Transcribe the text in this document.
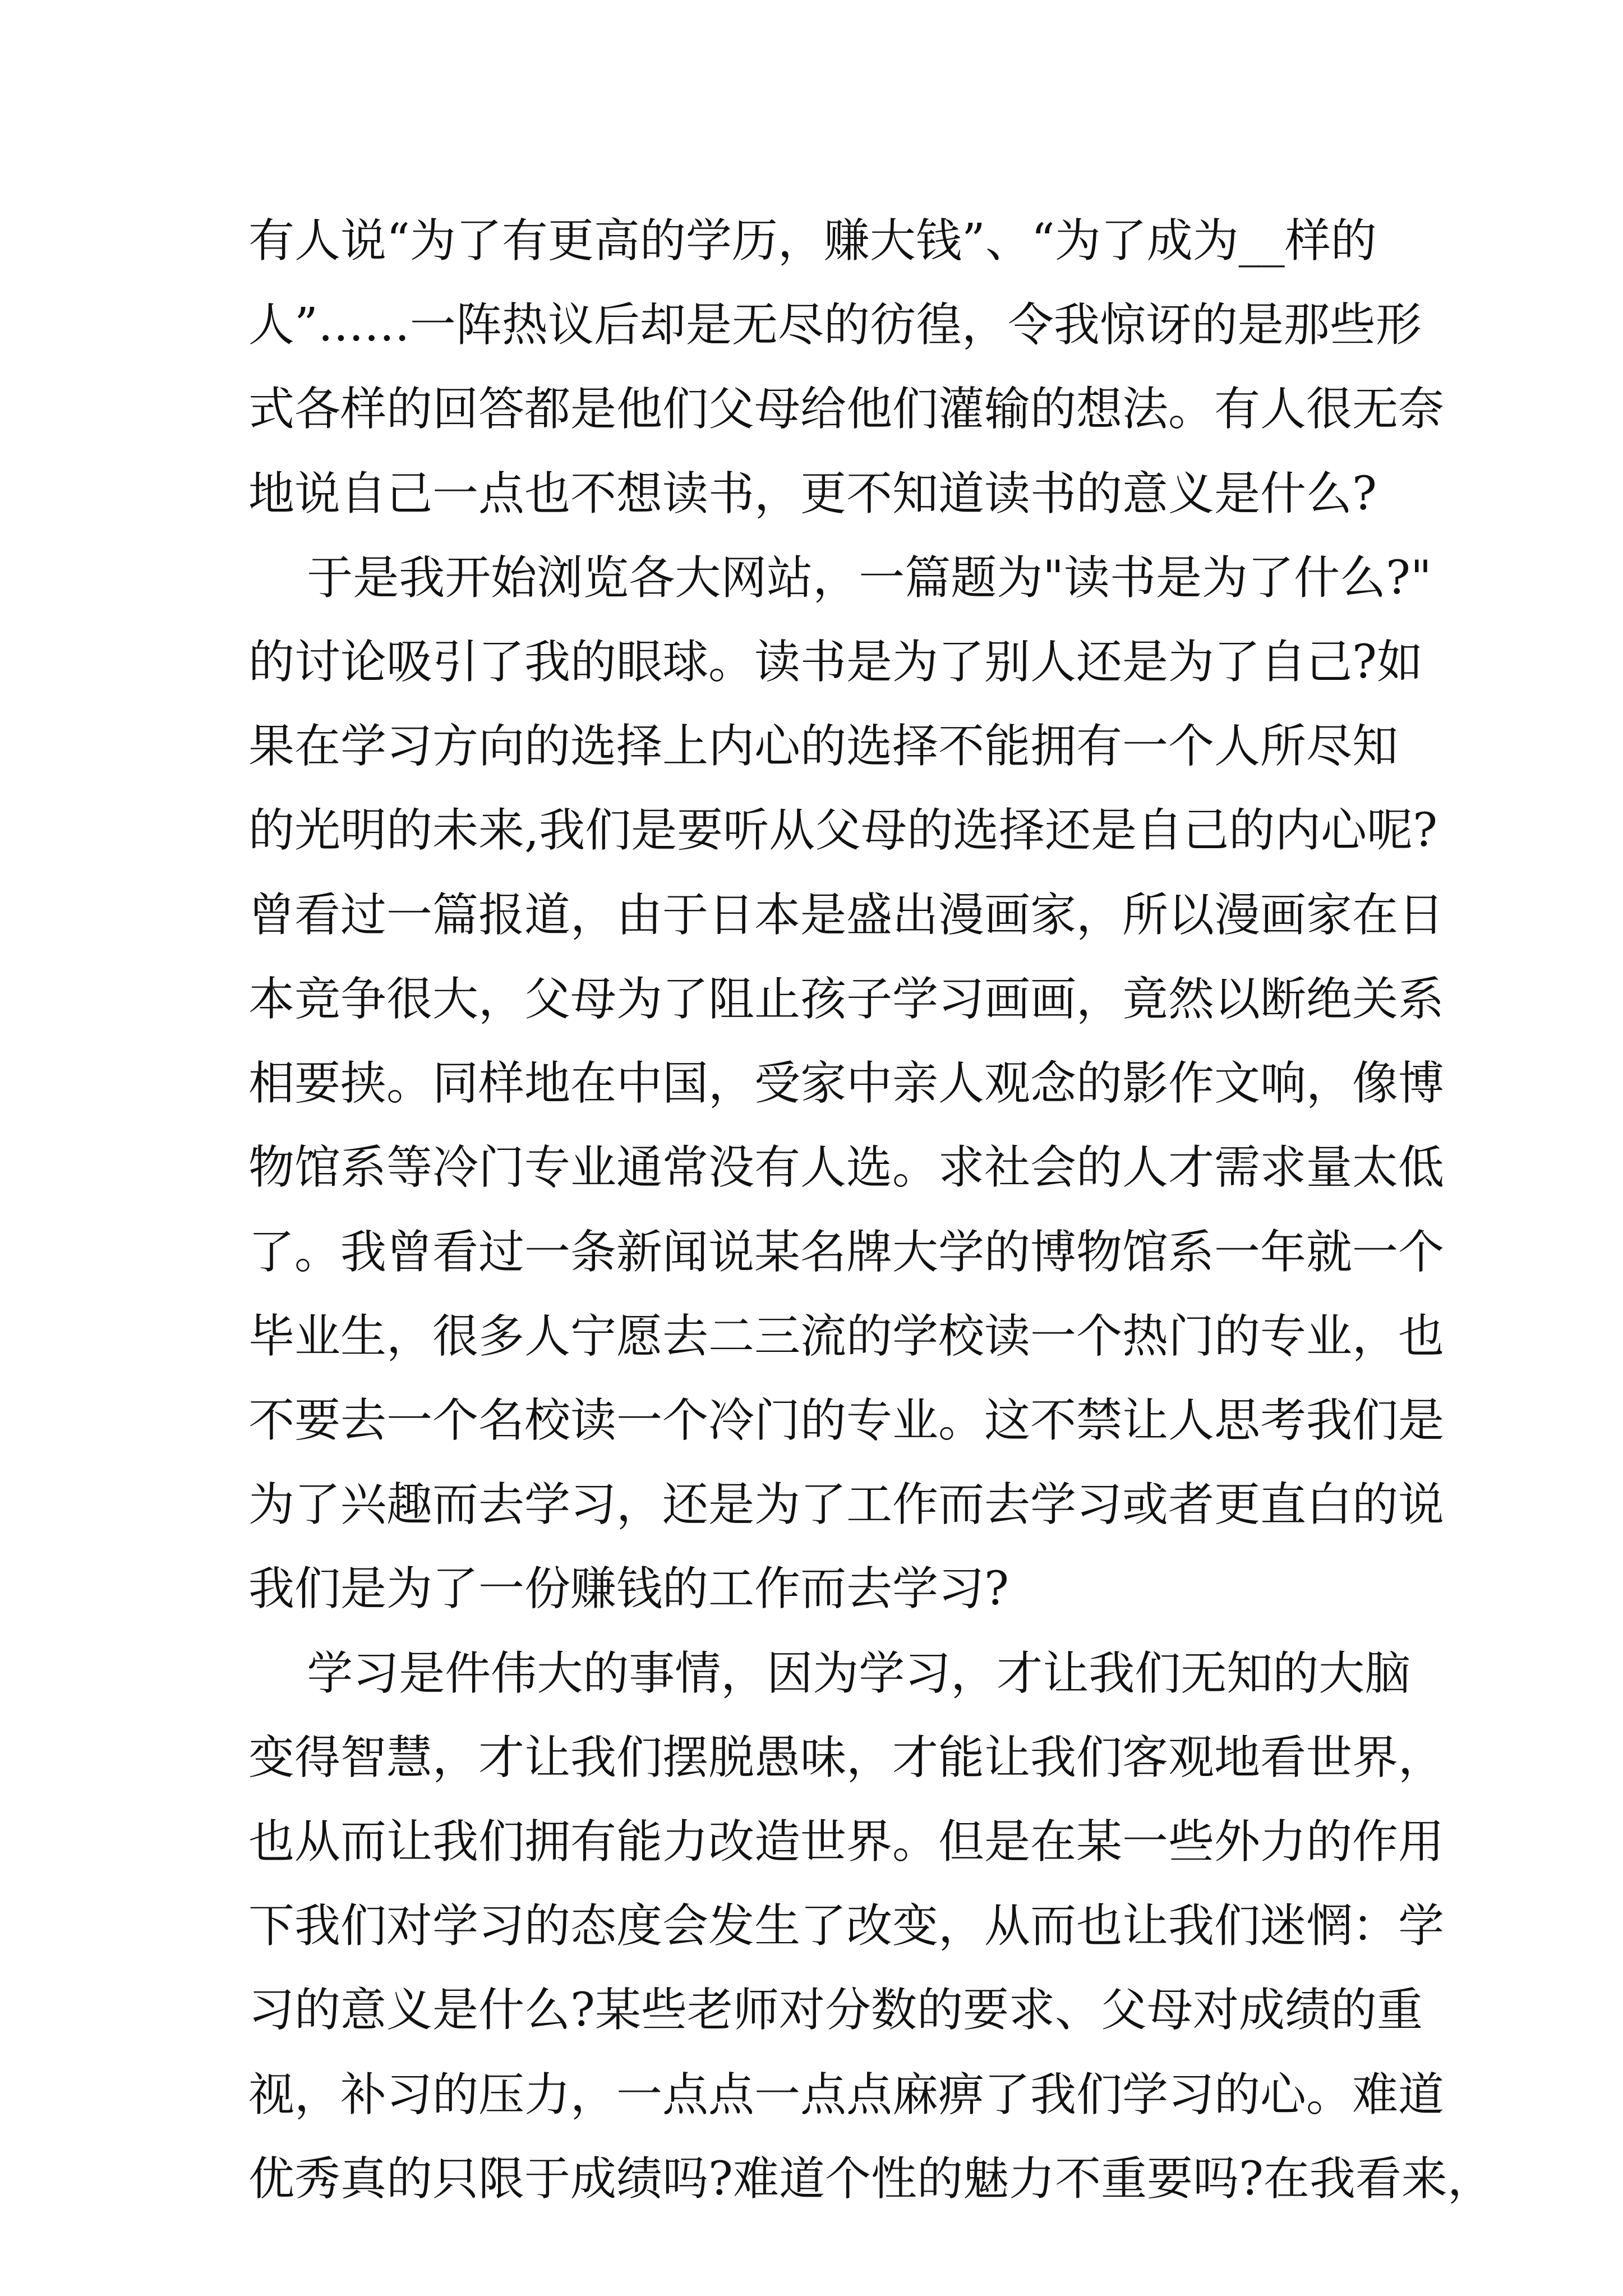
有人说“为了有更高的学历，赚大钱”、“为了成为__样的
人”……一阵热议后却是无尽的彷徨，令我惊讶的是那些形
式各样的回答都是他们父母给他们灌输的想法。有人很无奈
地说自己一点也不想读书，更不知道读书的意义是什么?
于是我开始浏览各大网站，一篇题为"读书是为了什么?"
的讨论吸引了我的眼球。读书是为了别人还是为了自己?如
果在学习方向的选择上内心的选择不能拥有一个人所尽知
的光明的未来,我们是要听从父母的选择还是自己的内心呢?
曾看过一篇报道，由于日本是盛出漫画家，所以漫画家在日
本竞争很大，父母为了阻止孩子学习画画，竟然以断绝关系
相要挟。同样地在中国，受家中亲人观念的影作文响，像博
物馆系等冷门专业通常没有人选。求社会的人才需求量太低
了。我曾看过一条新闻说某名牌大学的博物馆系一年就一个
毕业生，很多人宁愿去二三流的学校读一个热门的专业，也
不要去一个名校读一个冷门的专业。这不禁让人思考我们是
为了兴趣而去学习，还是为了工作而去学习或者更直白的说
我们是为了一份赚钱的工作而去学习?
学习是件伟大的事情，因为学习，才让我们无知的大脑
变得智慧，才让我们摆脱愚味，才能让我们客观地看世界，
也从而让我们拥有能力改造世界。但是在某一些外力的作用
下我们对学习的态度会发生了改变，从而也让我们迷惘：学
习的意义是什么?某些老师对分数的要求、父母对成绩的重
视，补习的压力，一点点一点点麻痹了我们学习的心。难道
优秀真的只限于成绩吗?难道个性的魅力不重要吗?在我看来，
